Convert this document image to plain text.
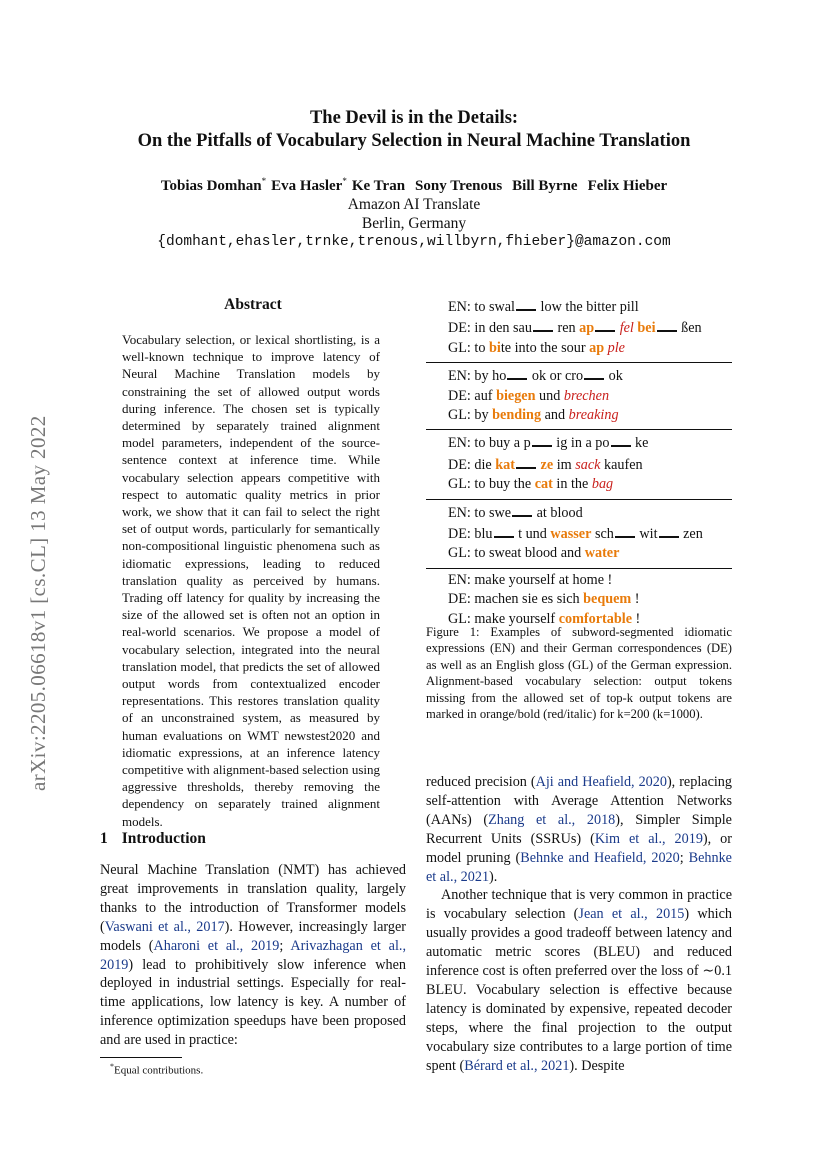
arXiv:2205.06618v1 [cs.CL] 13 May 2022
The Devil is in the Details:
On the Pitfalls of Vocabulary Selection in Neural Machine Translation
Tobias Domhan* Eva Hasler* Ke Tran Sony Trenous Bill Byrne Felix Hieber
Amazon AI Translate
Berlin, Germany
{domhant,ehasler,trnke,trenous,willbyrn,fhieber}@amazon.com
Abstract
Vocabulary selection, or lexical shortlisting, is a well-known technique to improve latency of Neural Machine Translation models by constraining the set of allowed output words during inference. The chosen set is typically determined by separately trained alignment model parameters, independent of the source-sentence context at inference time. While vocabulary selection appears competitive with respect to automatic quality metrics in prior work, we show that it can fail to select the right set of output words, particularly for semantically non-compositional linguistic phenomena such as idiomatic expressions, leading to reduced translation quality as perceived by humans. Trading off latency for quality by increasing the size of the allowed set is often not an option in real-world scenarios. We propose a model of vocabulary selection, integrated into the neural translation model, that predicts the set of allowed output words from contextualized encoder representations. This restores translation quality of an unconstrained system, as measured by human evaluations on WMT newstest2020 and idiomatic expressions, at an inference latency competitive with alignment-based selection using aggressive thresholds, thereby removing the dependency on separately trained alignment models.
1 Introduction
Neural Machine Translation (NMT) has achieved great improvements in translation quality, largely thanks to the introduction of Transformer models (Vaswani et al., 2017). However, increasingly larger models (Aharoni et al., 2019; Arivazhagan et al., 2019) lead to prohibitively slow inference when deployed in industrial settings. Especially for real-time applications, low latency is key. A number of inference optimization speedups have been proposed and are used in practice:
reduced precision (Aji and Heafield, 2020), replacing self-attention with Average Attention Networks (AANs) (Zhang et al., 2018), Simpler Simple Recurrent Units (SSRUs) (Kim et al., 2019), or model pruning (Behnke and Heafield, 2020; Behnke et al., 2021).
Another technique that is very common in practice is vocabulary selection (Jean et al., 2015) which usually provides a good tradeoff between latency and automatic metric scores (BLEU) and reduced inference cost is often preferred over the loss of ∼0.1 BLEU. Vocabulary selection is effective because latency is dominated by expensive, repeated decoder steps, where the final projection to the output vocabulary size contributes to a large portion of time spent (Bérard et al., 2021). Despite
*Equal contributions.
EN: to swal low the bitter pill
DE: in den sau ren ap fel bei ßen
GL: to bite into the sour ap ple
EN: by ho ok or cro ok
DE: auf biegen und brechen
GL: by bending and breaking
EN: to buy a p ig in a po ke
DE: die kat ze im sack kaufen
GL: to buy the cat in the bag
EN: to swe at blood
DE: blu t und wasser sch wit zen
GL: to sweat blood and water
EN: make yourself at home !
DE: machen sie es sich bequem !
GL: make yourself comfortable !
Figure 1: Examples of subword-segmented idiomatic expressions (EN) and their German correspondences (DE) as well as an English gloss (GL) of the German expression. Alignment-based vocabulary selection: output tokens missing from the allowed set of top-k output tokens are marked in orange/bold (red/italic) for k=200 (k=1000).
